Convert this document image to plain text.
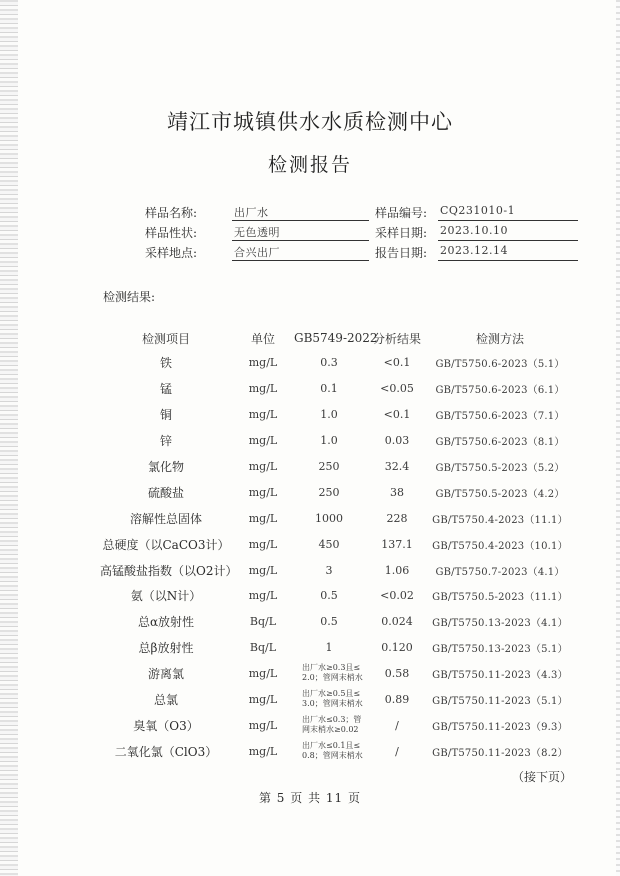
靖江市城镇供水水质检测中心
检测报告
样品名称:	出厂水	样品编号:	CQ231010-1
样品性状:	无色透明	采样日期:	2023.10.10
采样地点:	合兴出厂	报告日期:	2023.12.14
检测结果:
检测项目	单位	GB5749-2022	分析结果	检测方法
铁	mg/L	0.3	<0.1	GB/T5750.6-2023（5.1）
锰	mg/L	0.1	<0.05	GB/T5750.6-2023（6.1）
铜	mg/L	1.0	<0.1	GB/T5750.6-2023（7.1）
锌	mg/L	1.0	0.03	GB/T5750.6-2023（8.1）
氯化物	mg/L	250	32.4	GB/T5750.5-2023（5.2）
硫酸盐	mg/L	250	38	GB/T5750.5-2023（4.2）
溶解性总固体	mg/L	1000	228	GB/T5750.4-2023（11.1）
总硬度（以CaCO3计）	mg/L	450	137.1	GB/T5750.4-2023（10.1）
高锰酸盐指数（以O2计）	mg/L	3	1.06	GB/T5750.7-2023（4.1）
氨（以N计）	mg/L	0.5	<0.02	GB/T5750.5-2023（11.1）
总α放射性	Bq/L	0.5	0.024	GB/T5750.13-2023（4.1）
总β放射性	Bq/L	1	0.120	GB/T5750.13-2023（5.1）
游离氯	mg/L	出厂水≥0.3且≤
2.0；管网末梢水	0.58	GB/T5750.11-2023（4.3）
总氯	mg/L	出厂水≥0.5且≤
3.0；管网末梢水	0.89	GB/T5750.11-2023（5.1）
臭氧（O3）	mg/L	出厂水≤0.3；管
网末梢水≥0.02	/	GB/T5750.11-2023（9.3）
二氧化氯（ClO3）	mg/L	出厂水≤0.1且≤
0.8；管网末梢水	/	GB/T5750.11-2023（8.2）
（接下页）
第 5 页 共 11 页
